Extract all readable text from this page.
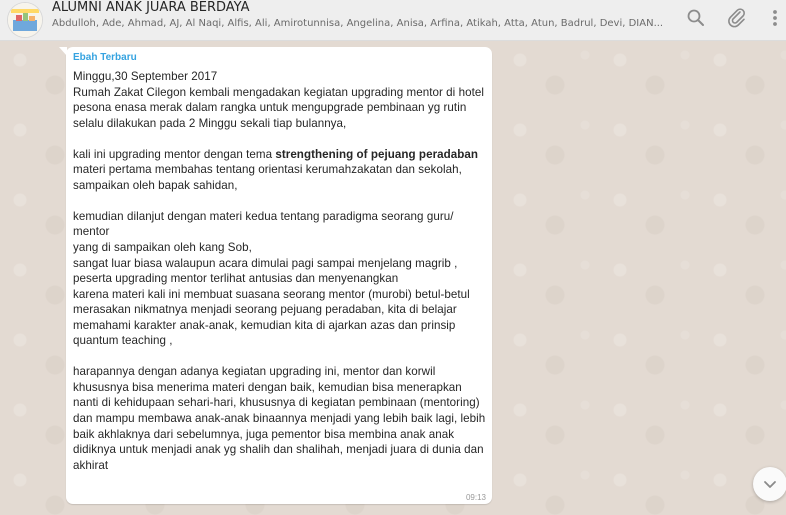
ALUMNI ANAK JUARA BERDAYA
Abdulloh, Ade, Ahmad, AJ, Al Naqi, Alfis, Ali, Amirotunnisa, Angelina, Anisa, Arfina, Atikah, Atta, Atun, Badrul, Devi, DIAN...
Ebah Terbaru
Minggu,30 September 2017
Rumah Zakat Cilegon kembali mengadakan kegiatan upgrading mentor di hotel pesona enasa merak dalam rangka untuk mengupgrade pembinaan yg rutin selalu dilakukan pada 2 Minggu sekali tiap bulannya,

kali ini upgrading mentor dengan tema strengthening of pejuang peradaban
materi pertama membahas tentang orientasi kerumahzakatan dan sekolah, sampaikan oleh bapak sahidan,

kemudian dilanjut dengan materi kedua tentang paradigma seorang guru/ mentor
yang di sampaikan oleh kang Sob,
sangat luar biasa walaupun acara dimulai pagi sampai menjelang magrib , peserta upgrading mentor terlihat antusias dan menyenangkan
karena materi kali ini membuat suasana seorang mentor (murobi) betul-betul merasakan nikmatnya menjadi seorang pejuang peradaban, kita di belajar memahami karakter anak-anak, kemudian kita di ajarkan azas dan prinsip quantum teaching ,

harapannya dengan adanya kegiatan upgrading ini, mentor dan korwil khususnya bisa menerima materi dengan baik, kemudian bisa menerapkan nanti di kehidupaan sehari-hari, khususnya di kegiatan pembinaan (mentoring) dan mampu membawa anak-anak binaannya menjadi yang lebih baik lagi, lebih baik akhlaknya dari sebelumnya, juga pementor bisa membina anak anak didiknya untuk menjadi anak yg shalih dan shalihah, menjadi juara di dunia dan akhirat
09:13
